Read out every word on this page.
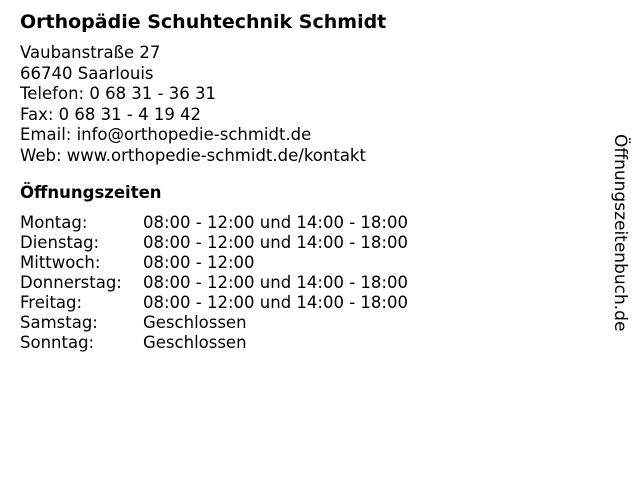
Orthopädie Schuhtechnik Schmidt
Vaubanstraße 27
66740 Saarlouis
Telefon: 0 68 31 - 36 31
Fax: 0 68 31 - 4 19 42
Email: info@orthopedie-schmidt.de
Web: www.orthopedie-schmidt.de/kontakt
Öffnungszeiten
Montag:	08:00 - 12:00 und 14:00 - 18:00
Dienstag:	08:00 - 12:00 und 14:00 - 18:00
Mittwoch:	08:00 - 12:00
Donnerstag:	08:00 - 12:00 und 14:00 - 18:00
Freitag:	08:00 - 12:00 und 14:00 - 18:00
Samstag:	Geschlossen
Sonntag:	Geschlossen
Öffnungszeitenbuch.de
